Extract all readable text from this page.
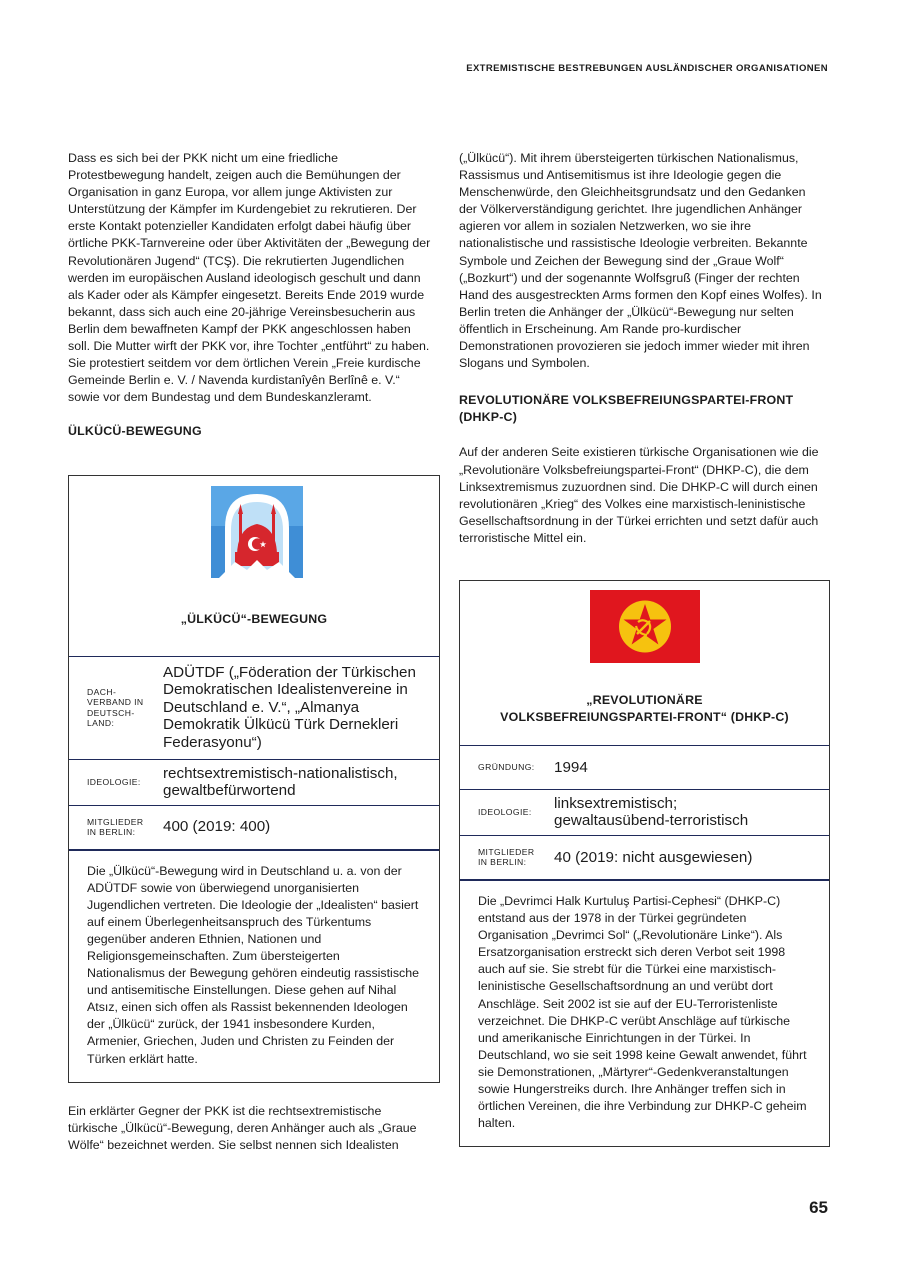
EXTREMISTISCHE BESTREBUNGEN AUSLÄNDISCHER ORGANISATIONEN

Dass es sich bei der PKK nicht um eine friedliche Protestbewegung handelt, zeigen auch die Bemühungen der Organisation in ganz Europa, vor allem junge Aktivisten zur Unterstützung der Kämpfer im Kurdengebiet zu rekrutieren. Der erste Kontakt potenzieller Kandidaten erfolgt dabei häufig über örtliche PKK-Tarnvereine oder über Aktivitäten der „Bewegung der Revolutionären Jugend“ (TCŞ). Die rekrutierten Jugendlichen werden im europäischen Ausland ideologisch geschult und dann als Kader oder als Kämpfer eingesetzt. Bereits Ende 2019 wurde bekannt, dass sich auch eine 20-jährige Vereinsbesucherin aus Berlin dem bewaffneten Kampf der PKK angeschlossen haben soll. Die Mutter wirft der PKK vor, ihre Tochter „entführt“ zu haben. Sie protestiert seitdem vor dem örtlichen Verein „Freie kurdische Gemeinde Berlin e. V. / Navenda kurdistanîyên Berlînê e. V.“ sowie vor dem Bundestag und dem Bundeskanzleramt.

ÜLKÜCÜ-BEWEGUNG
„ÜLKÜCÜ“-BEWEGUNG
DACH-
VERBAND IN
DEUTSCH-
LAND:
ADÜTDF („Föderation der Türkischen Demokratischen Idealistenvereine in Deutschland e. V.“, „Almanya Demokratik Ülkücü Türk Dernekleri Federasyonu“)
IDEOLOGIE:
rechtsextremistisch-nationalistisch, gewaltbefürwortend
MITGLIEDER
IN BERLIN:	400 (2019: 400)
Die „Ülkücü“-Bewegung wird in Deutschland u. a. von der ADÜTDF sowie von überwiegend unorganisierten Jugendlichen vertreten. Die Ideologie der „Idealisten“ basiert auf einem Überlegenheitsanspruch des Türkentums gegenüber anderen Ethnien, Nationen und Religionsgemeinschaften. Zum übersteigerten Nationalismus der Bewegung gehören eindeutig rassistische und antisemitische Einstellungen. Diese gehen auf Nihal Atsız, einen sich offen als Rassist bekennenden Ideologen der „Ülkücü“ zurück, der 1941 insbesondere Kurden, Armenier, Griechen, Juden und Christen zu Feinden der Türken erklärt hatte.

Ein erklärter Gegner der PKK ist die rechtsextremistische türkische „Ülkücü“-Bewegung, deren Anhänger auch als „Graue Wölfe“ bezeichnet werden. Sie selbst nennen sich Idealisten

(„Ülkücü“). Mit ihrem übersteigerten türkischen Nationalismus, Rassismus und Antisemitismus ist ihre Ideologie gegen die Menschenwürde, den Gleichheitsgrundsatz und den Gedanken der Völkerverständigung gerichtet. Ihre jugendlichen Anhänger agieren vor allem in sozialen Netzwerken, wo sie ihre nationalistische und rassistische Ideologie verbreiten. Bekannte Symbole und Zeichen der Bewegung sind der „Graue Wolf“ („Bozkurt“) und der sogenannte Wolfsgruß (Finger der rechten Hand des ausgestreckten Arms formen den Kopf eines Wolfes). In Berlin treten die Anhänger der „Ülkücü“-Bewegung nur selten öffentlich in Erscheinung. Am Rande pro-kurdischer Demonstrationen provozieren sie jedoch immer wieder mit ihren Slogans und Symbolen.

REVOLUTIONÄRE VOLKSBEFREIUNGSPARTEI-FRONT (DHKP-C)

Auf der anderen Seite existieren türkische Organisationen wie die „Revolutionäre Volksbefreiungspartei-Front“ (DHKP-C), die dem Linksextremismus zuzuordnen sind. Die DHKP-C will durch einen revolutionären „Krieg“ des Volkes eine marxistisch-leninistische Gesellschaftsordnung in der Türkei errichten und setzt dafür auch terroristische Mittel ein.

„REVOLUTIONÄRE
VOLKSBEFREIUNGSPARTEI-FRONT“ (DHKP-C)
GRÜNDUNG:	1994
IDEOLOGIE:
linksextremistisch;
gewaltausübend-terroristisch
MITGLIEDER
IN BERLIN:	40 (2019: nicht ausgewiesen)
Die „Devrimci Halk Kurtuluş Partisi-Cephesi“ (DHKP-C) entstand aus der 1978 in der Türkei gegründeten Organisation „Devrimci Sol“ („Revolutionäre Linke“). Als Ersatzorganisation erstreckt sich deren Verbot seit 1998 auch auf sie. Sie strebt für die Türkei eine marxistisch-leninistische Gesellschaftsordnung an und verübt dort Anschläge. Seit 2002 ist sie auf der EU-Terroristenliste verzeichnet. Die DHKP-C verübt Anschläge auf türkische und amerikanische Einrichtungen in der Türkei. In Deutschland, wo sie seit 1998 keine Gewalt anwendet, führt sie Demonstrationen, „Märtyrer“-Gedenkveranstaltungen sowie Hungerstreiks durch. Ihre Anhänger treffen sich in örtlichen Vereinen, die ihre Verbindung zur DHKP-C geheim halten.
65
